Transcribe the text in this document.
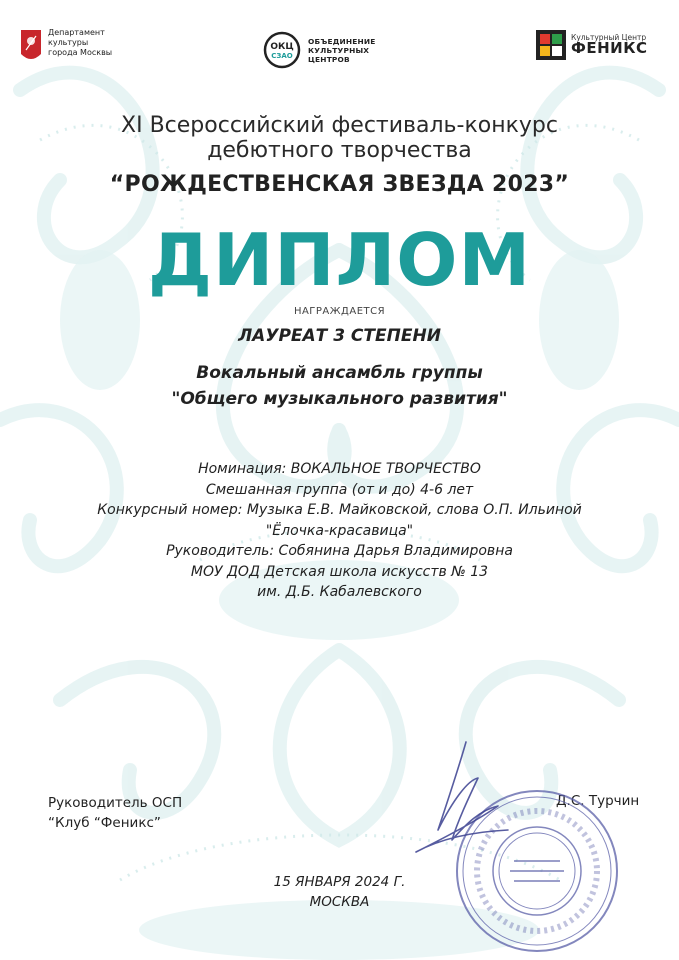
Департамент
культуры
города Москвы
ОКЦ
СЗАО
ОБЪЕДИНЕНИЕ
КУЛЬТУРНЫХ
ЦЕНТРОВ
Культурный Центр
ФЕНИКС
XI Всероссийский фестиваль-конкурс
дебютного творчества
“РОЖДЕСТВЕНСКАЯ ЗВЕЗДА 2023”
ДИПЛОМ
НАГРАЖДАЕТСЯ
ЛАУРЕАТ 3 СТЕПЕНИ
Вокальный ансамбль группы
"Общего музыкального развития"
Номинация: ВОКАЛЬНОЕ ТВОРЧЕСТВО
Смешанная группа (от и до) 4-6 лет
Конкурсный номер: Музыка Е.В. Майковской, слова О.П. Ильиной
"Ёлочка-красавица"
Руководитель: Собянина Дарья Владимировна
МОУ ДОД Детская школа искусств № 13
им. Д.Б. Кабалевского
Руководитель ОСП
“Клуб “Феникс”
Д.С. Турчин
15 ЯНВАРЯ 2024 Г.
МОСКВА
